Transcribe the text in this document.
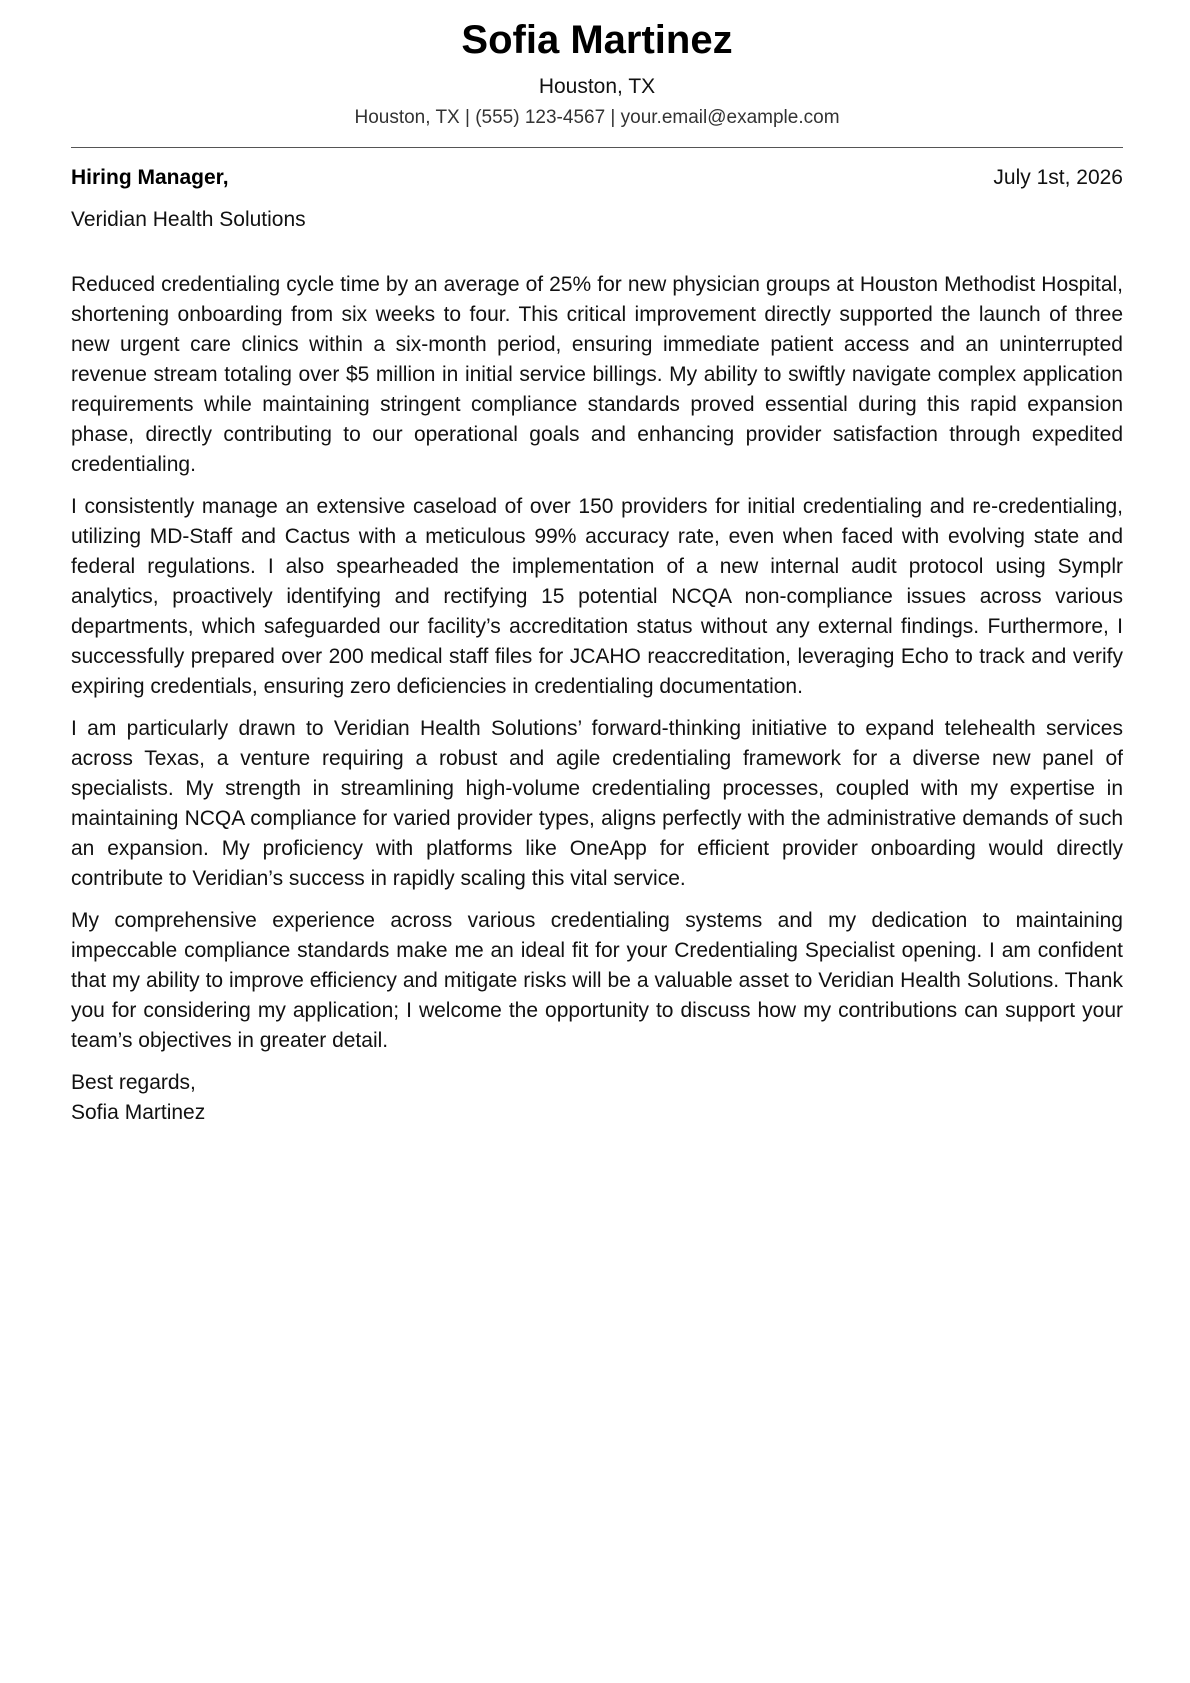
Sofia Martinez
Houston, TX
Houston, TX | (555) 123-4567 | your.email@example.com
Hiring Manager,	July 1st, 2026
Veridian Health Solutions

Reduced credentialing cycle time by an average of 25% for new physician groups at Houston Methodist Hospital, shortening onboarding from six weeks to four. This critical improvement directly supported the launch of three new urgent care clinics within a six-month period, ensuring immediate patient access and an uninterrupted revenue stream totaling over $5 million in initial service billings. My ability to swiftly navigate complex application requirements while maintaining stringent compliance standards proved essential during this rapid expansion phase, directly contributing to our operational goals and enhancing provider satisfaction through expedited credentialing.

I consistently manage an extensive caseload of over 150 providers for initial credentialing and re-credentialing, utilizing MD-Staff and Cactus with a meticulous 99% accuracy rate, even when faced with evolving state and federal regulations. I also spearheaded the implementation of a new internal audit protocol using Symplr analytics, proactively identifying and rectifying 15 potential NCQA non-compliance issues across various departments, which safeguarded our facility’s accreditation status without any external findings. Furthermore, I successfully prepared over 200 medical staff files for JCAHO reaccreditation, leveraging Echo to track and verify expiring credentials, ensuring zero deficiencies in credentialing documentation.

I am particularly drawn to Veridian Health Solutions’ forward-thinking initiative to expand telehealth services across Texas, a venture requiring a robust and agile credentialing framework for a diverse new panel of specialists. My strength in streamlining high-volume credentialing processes, coupled with my expertise in maintaining NCQA compliance for varied provider types, aligns perfectly with the administrative demands of such an expansion. My proficiency with platforms like OneApp for efficient provider onboarding would directly contribute to Veridian’s success in rapidly scaling this vital service.

My comprehensive experience across various credentialing systems and my dedication to maintaining impeccable compliance standards make me an ideal fit for your Credentialing Specialist opening. I am confident that my ability to improve efficiency and mitigate risks will be a valuable asset to Veridian Health Solutions. Thank you for considering my application; I welcome the opportunity to discuss how my contributions can support your team’s objectives in greater detail.

Best regards,
Sofia Martinez
